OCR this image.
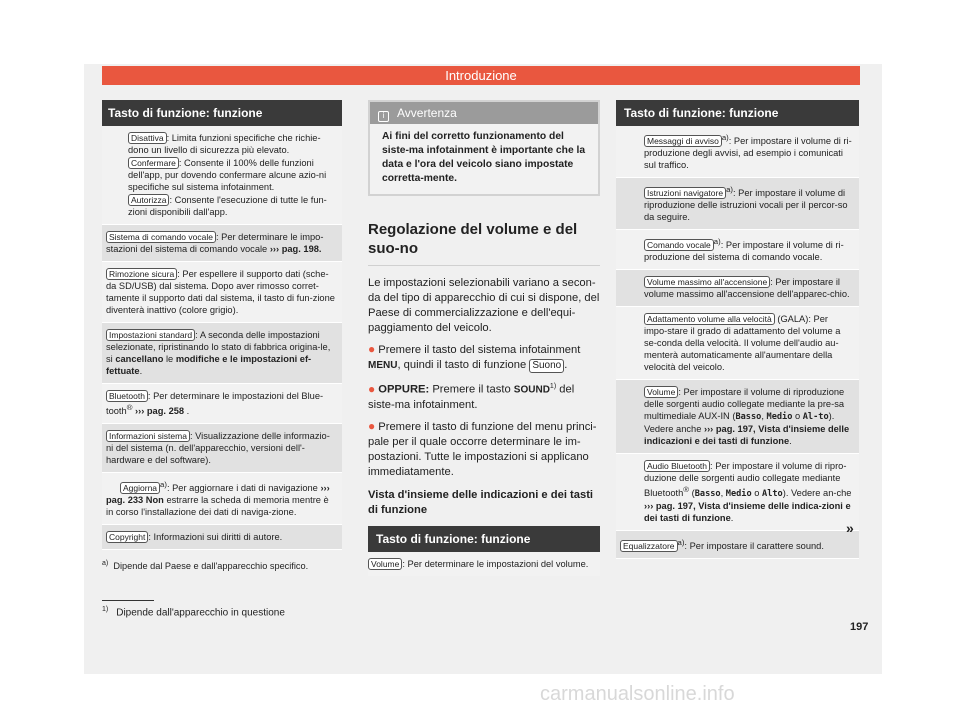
Introduzione
Tasto di funzione: funzione
Disattiva : Limita funzioni specifiche che richie-dono un livello di sicurezza più elevato.
Confermare : Consente il 100% delle funzioni dell'app, pur dovendo confermare alcune azio-ni specifiche sul sistema infotainment.
Autorizza : Consente l'esecuzione di tutte le fun-zioni disponibili dall'app.
Sistema di comando vocale : Per determinare le impo-stazioni del sistema di comando vocale ››› pag. 198.
Rimozione sicura : Per espellere il supporto dati (sche-da SD/USB) dal sistema. Dopo aver rimosso corret-tamente il supporto dati dal sistema, il tasto di fun-zione diventerà inattivo (colore grigio).
Impostazioni standard : A seconda delle impostazioni selezionate, ripristinando lo stato di fabbrica origina-le, si cancellano le modifiche e le impostazioni ef-fettuate.
Bluetooth : Per determinare le impostazioni del Blue-tooth® ››› pag. 258 .
Informazioni sistema : Visualizzazione delle informazio-ni del sistema (n. dell'apparecchio, versioni dell'-hardware e del software).
Aggiorna $^{a)}$: Per aggiornare i dati di navigazione ››› pag. 233 Non estrarre la scheda di memoria mentre è in corso l'installazione dei dati di naviga-zione.
Copyright : Informazioni sui diritti di autore.
$^{a)}$ Dipende dal Paese e dall'apparecchio specifico.
i Avvertenza
Ai fini del corretto funzionamento del siste-ma infotainment è importante che la data e l'ora del veicolo siano impostate corretta-mente.
Regolazione del volume e del suo-no
Le impostazioni selezionabili variano a secon-da del tipo di apparecchio di cui si dispone, del Paese di commercializzazione e dell'equi-paggiamento del veicolo.
● Premere il tasto del sistema infotainment MENU, quindi il tasto di funzione Suono .
● OPPURE: Premere il tasto SOUND$^{1)}$ del siste-ma infotainment.
● Premere il tasto di funzione del menu princi-pale per il quale occorre determinare le im-postazioni. Tutte le impostazioni si applicano immediatamente.
Vista d'insieme delle indicazioni e dei tasti di funzione
Tasto di funzione: funzione
Volume : Per determinare le impostazioni del volume.
Tasto di funzione: funzione
Messaggi di avviso $^{a)}$: Per impostare il volume di ri-produzione degli avvisi, ad esempio i comunicati sul traffico.
Istruzioni navigatore $^{a)}$: Per impostare il volume di riproduzione delle istruzioni vocali per il percor-so da seguire.
Comando vocale $^{a)}$: Per impostare il volume di ri-produzione del sistema di comando vocale.
Volume massimo all'accensione : Per impostare il volume massimo all'accensione dell'apparec-chio.
Adattamento volume alla velocità (GALA): Per impo-stare il grado di adattamento del volume a se-conda della velocità. Il volume dell'audio au-menterà automaticamente all'aumentare della velocità del veicolo.
Volume : Per impostare il volume di riproduzione delle sorgenti audio collegate mediante la pre-sa multimediale AUX-IN (Basso, Medio o Al-to). Vedere anche ››› pag. 197, Vista d'insieme delle indicazioni e dei tasti di funzione.
Audio Bluetooth : Per impostare il volume di ripro-duzione delle sorgenti audio collegate mediante Bluetooth® (Basso, Medio o Alto). Vedere an-che ››› pag. 197, Vista d'insieme delle indica-zioni e dei tasti di funzione.
Equalizzatore $^{a)}$: Per impostare il carattere sound.
»
$^{1)}$ Dipende dall'apparecchio in questione
197
carmanualsonline.info
